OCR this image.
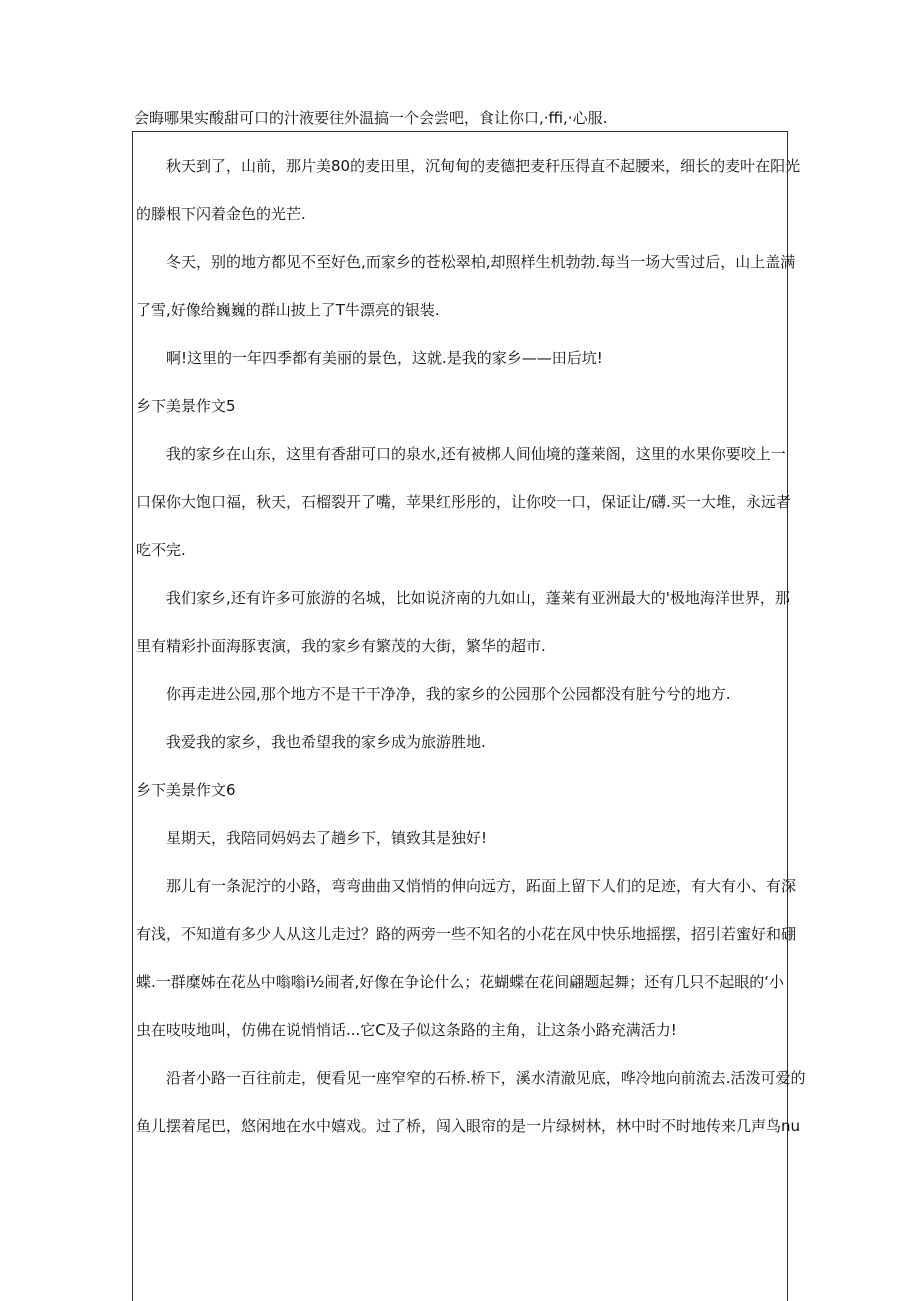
会晦哪果实酸甜可口的汁液要往外温搞一个会尝吧，食让你口,·ffi,·心服.
秋天到了，山前，那片美80的麦田里，沉甸甸的麦德把麦秆压得直不起腰来，细长的麦叶在阳光
的滕根下闪着金色的光芒.
冬天，别的地方都见不至好色,而家乡的苍松翠柏,却照样生机勃勃.每当一场大雪过后，山上盖满
了雪,好像给巍巍的群山披上了T牛漂亮的银装.
啊!这里的一年四季都有美丽的景色，这就.是我的家乡——田后坑!
乡下美景作文5
我的家乡在山东，这里有香甜可口的泉水,还有被梆人间仙境的蓬莱阁，这里的水果你要咬上一
口保你大饱口福，秋天，石榴裂开了嘴，苹果红彤彤的，让你咬一口，保证让/礴.买一大堆，永远者
吃不完.
我们家乡,还有许多可旅游的名城，比如说济南的九如山，蓬莱有亚洲最大的'极地海洋世界，那
里有精彩扑面海豚衷演，我的家乡有繁茂的大街，繁华的超市.
你再走进公园,那个地方不是干干净净，我的家乡的公园那个公园都没有脏兮兮的地方.
我爱我的家乡，我也希望我的家乡成为旅游胜地.
乡下美景作文6
星期天，我陪同妈妈去了趟乡下，镇致其是独好!
那儿有一条泥泞的小路，弯弯曲曲又悄悄的伸向远方，跖面上留下人们的足迹，有大有小、有深
有浅，不知道有多少人从这儿走过？路的两旁一些不知名的小花在风中快乐地摇摆，招引若蜜好和硼
蝶.一群糜姊在花丛中嗡嗡i½闹者,好像在争论什么；花蝴蝶在花间翩题起舞；还有几只不起眼的‘小
虫在吱吱地叫，仿佛在说悄悄话...它C及子似这条路的主角，让这条小路充满活力!
沿者小路一百往前走，便看见一座窄窄的石桥.桥下，溪水清澈见底，哗冷地向前流去.活泼可爱的
鱼儿摆着尾巴，悠闲地在水中嬉戏。过了桥，闯入眼帘的是一片绿树林，林中时不时地传来几声鸟nu
